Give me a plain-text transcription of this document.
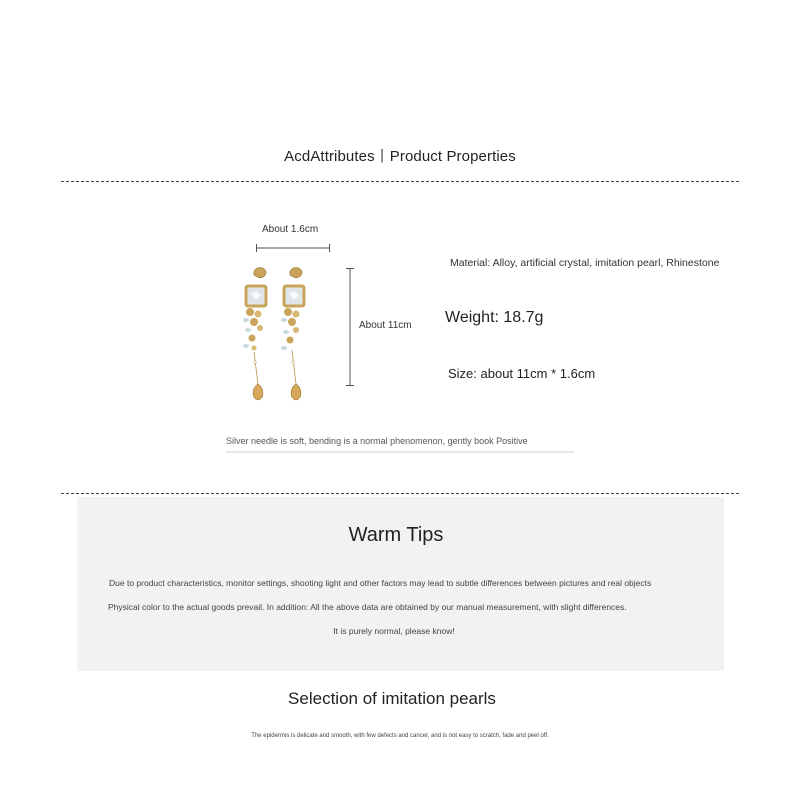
AcdAttributes丨Product Properties
About 1.6cm
About 11cm
Material: Alloy, artificial crystal, imitation pearl, Rhinestone
Weight: 18.7g
Size: about 11cm * 1.6cm
Silver needle is soft, bending is a normal phenomenon, gently book Positive
Warm Tips
Due to product characteristics, monitor settings, shooting light and other factors may lead to subtle differences between pictures and real objects
Physical color to the actual goods prevail. In addition: All the above data are obtained by our manual measurement, with slight differences.
It is purely normal, please know!
Selection of imitation pearls
The epidermis is delicate and smooth, with few defects and cancer, and is not easy to scratch, fade and peel off.
